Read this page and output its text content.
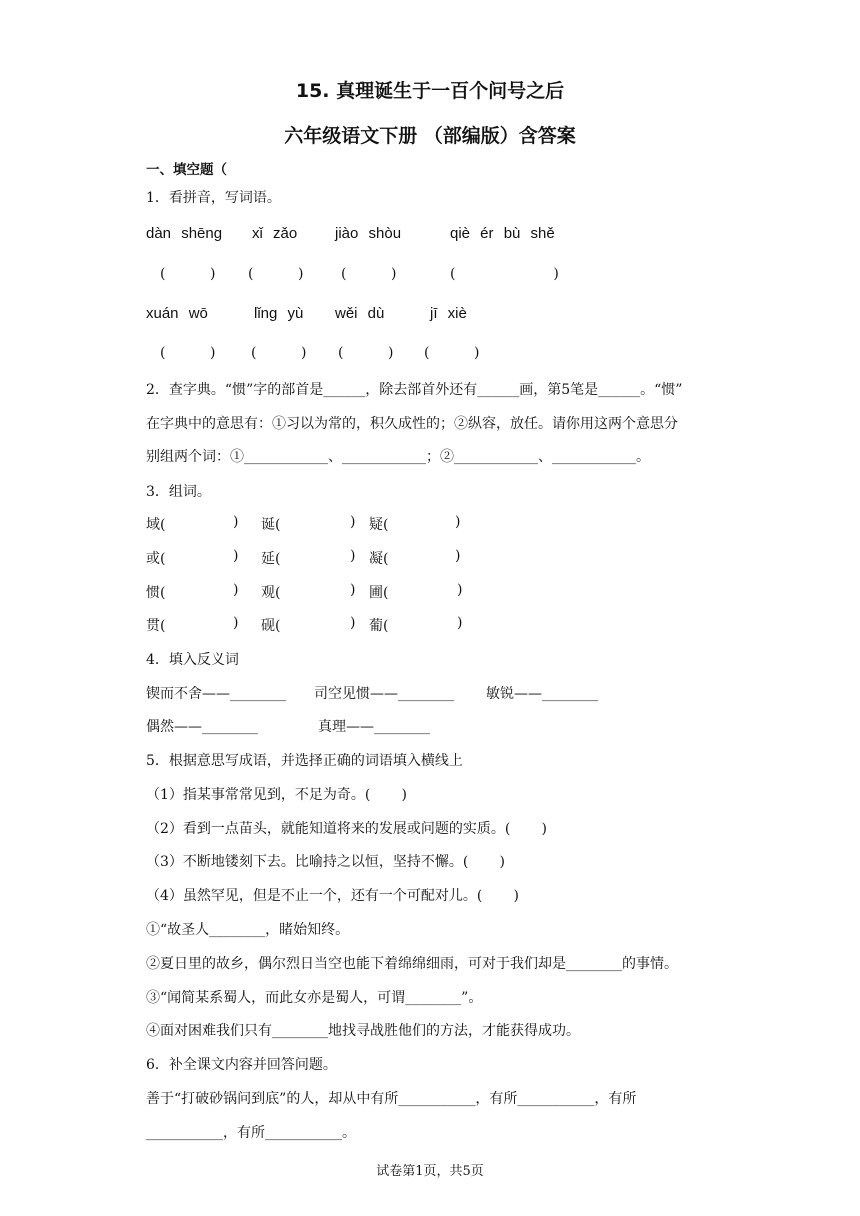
15. 真理诞生于一百个问号之后
六年级语文下册 （部编版）含答案
一、填空题（
1．看拼音，写词语。
dàn shēng xǐ zǎo	jiào shòu	qiè ér bù shě
(          ) (          )	(          )	(                      )
xuán wō	lǐng yù wěi dù	jī xiè
(          )	(          ) (          ) (          )
2．查字典。“惯”字的部首是______，除去部首外还有______画，第5笔是______。“惯”
在字典中的意思有：①习以为常的，积久成性的；②纵容，放任。请你用这两个意思分
别组两个词：①____________、____________；②____________、____________。
3．组词。
域(	) 诞(	) 疑(	)
或(	) 延(	) 凝(	)
惯(	) 观(	) 圃(	)
贯(	) 砚(	) 葡(	)
4．填入反义词
锲而不舍——________ 司空见惯——________ 敏锐——________
偶然——________	真理——________
5．根据意思写成语，并选择正确的词语填入横线上
（1）指某事常常见到，不足为奇。(       )
（2）看到一点苗头，就能知道将来的发展或问题的实质。(       )
（3）不断地镂刻下去。比喻持之以恒，坚持不懈。(       )
（4）虽然罕见，但是不止一个，还有一个可配对儿。(       )
①“故圣人________，睹始知终。
②夏日里的故乡，偶尔烈日当空也能下着绵绵细雨，可对于我们却是________的事情。
③“闻简某系蜀人，而此女亦是蜀人，可谓________”。
④面对困难我们只有________地找寻战胜他们的方法，才能获得成功。
6．补全课文内容并回答问题。
善于“打破砂锅问到底”的人，却从中有所___________，有所___________，有所
___________，有所___________。
试卷第1页，共5页
